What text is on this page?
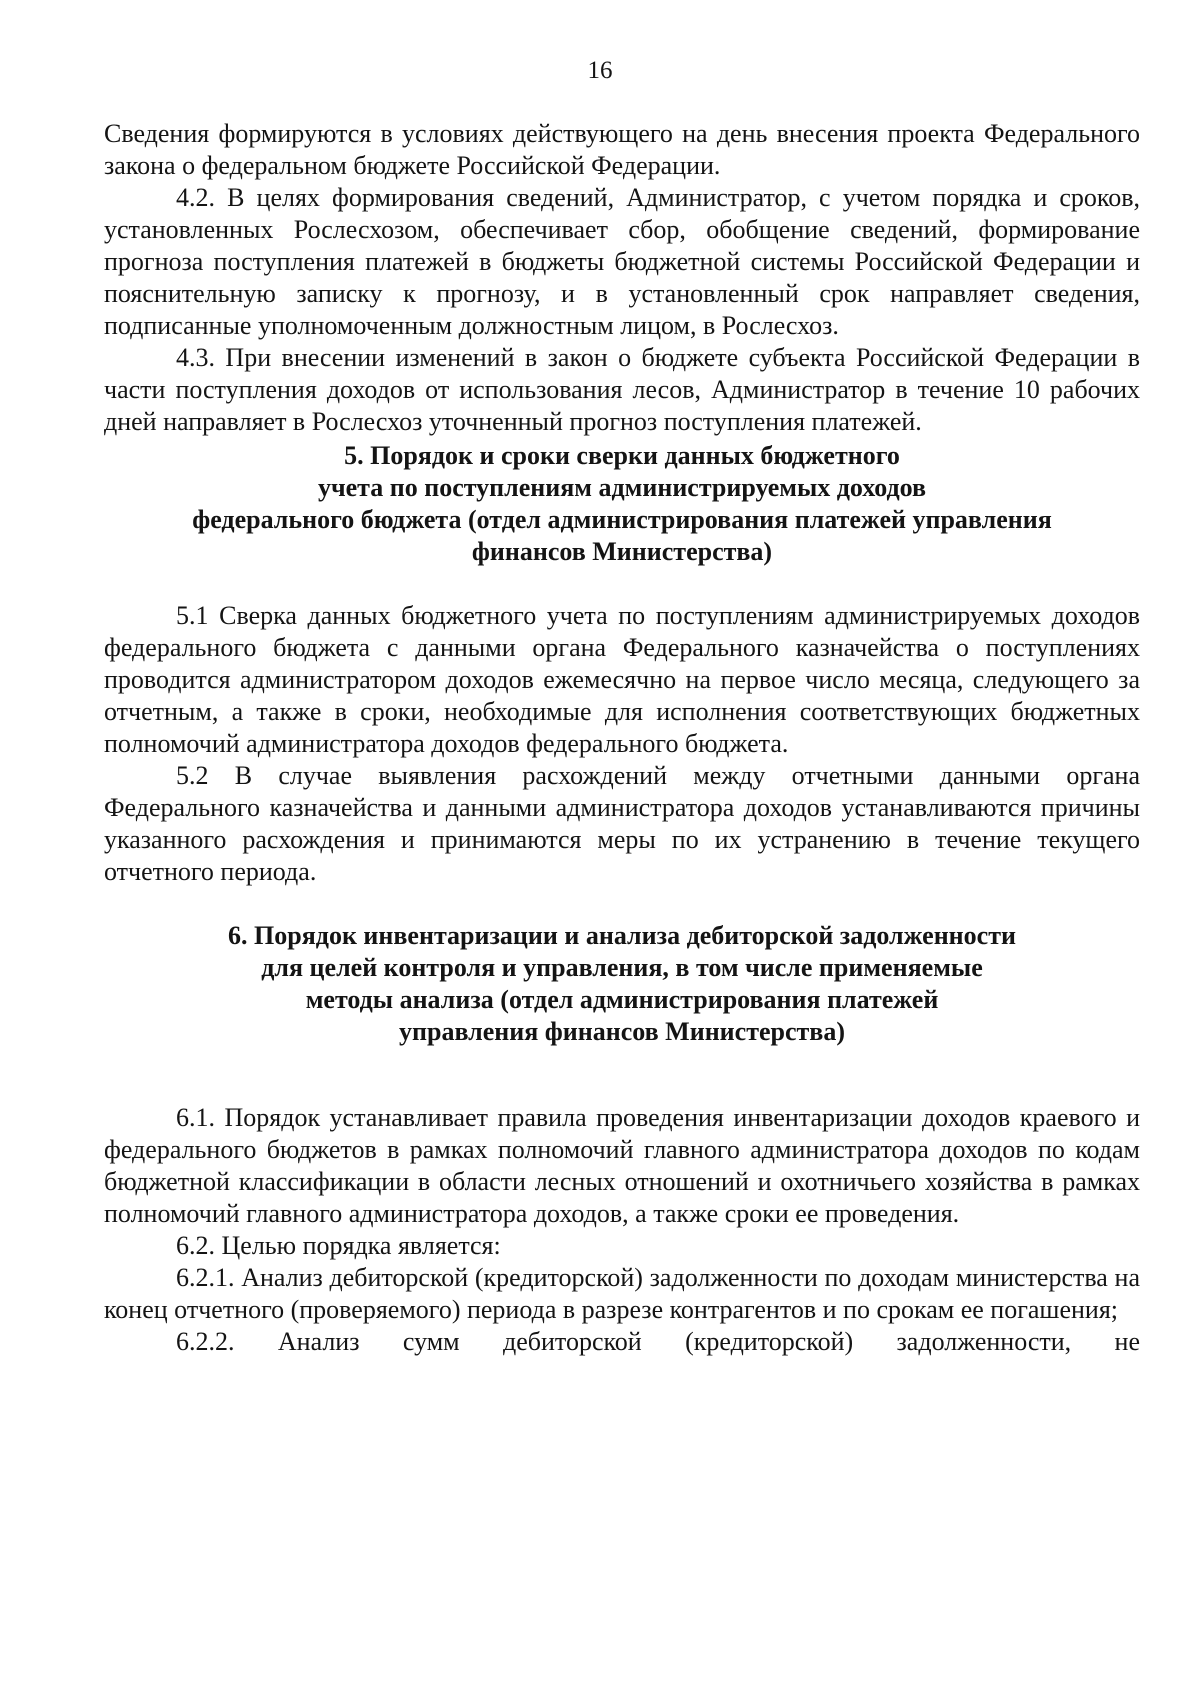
16

Сведения формируются в условиях действующего на день внесения проекта Федерального закона о федеральном бюджете Российской Федерации.

4.2. В целях формирования сведений, Администратор, с учетом порядка и сроков, установленных Рослесхозом, обеспечивает сбор, обобщение сведений, формирование прогноза поступления платежей в бюджеты бюджетной системы Российской Федерации и пояснительную записку к прогнозу, и в установленный срок направляет сведения, подписанные уполномоченным должностным лицом, в Рослесхоз.

4.3. При внесении изменений в закон о бюджете субъекта Российской Федерации в части поступления доходов от использования лесов, Администратор в течение 10 рабочих дней направляет в Рослесхоз уточненный прогноз поступления платежей.

5. Порядок и сроки сверки данных бюджетного

учета по поступлениям администрируемых доходов

федерального бюджета (отдел администрирования платежей управления

финансов Министерства)

5.1 Сверка данных бюджетного учета по поступлениям администрируемых доходов федерального бюджета с данными органа Федерального казначейства о поступлениях проводится администратором доходов ежемесячно на первое число месяца, следующего за отчетным, а также в сроки, необходимые для исполнения соответствующих бюджетных полномочий администратора доходов федерального бюджета.

5.2 В случае выявления расхождений между отчетными данными органа Федерального казначейства и данными администратора доходов устанавливаются причины указанного расхождения и принимаются меры по их устранению в течение текущего отчетного периода.

6. Порядок инвентаризации и анализа дебиторской задолженности

для целей контроля и управления, в том числе применяемые

методы анализа (отдел администрирования платежей

управления финансов Министерства)

6.1. Порядок устанавливает правила проведения инвентаризации доходов краевого и федерального бюджетов в рамках полномочий главного администратора доходов по кодам бюджетной классификации в области лесных отношений и охотничьего хозяйства в рамках полномочий главного администратора доходов, а также сроки ее проведения.

6.2. Целью порядка является:

6.2.1. Анализ дебиторской (кредиторской) задолженности по доходам министерства на конец отчетного (проверяемого) периода в разрезе контрагентов и по срокам ее погашения;

6.2.2. Анализ сумм дебиторской (кредиторской) задолженности, не
